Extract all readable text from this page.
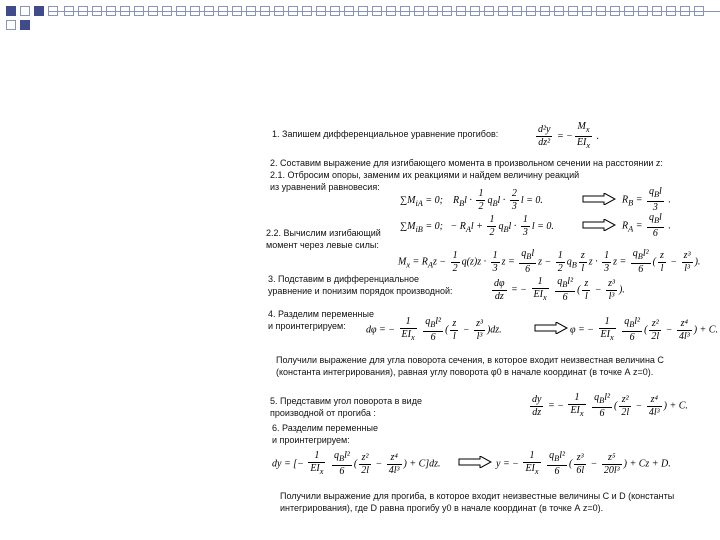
1. Запишем дифференциальное уравнение прогибов:	$\frac{\text{d²y}}{\text{dz²}}$ = − $\frac{M_x}{EI_x}$ .
2. Составим выражение для изгибающего момента в произвольном сечении на расстоянии z:
2.1. Отбросим опоры, заменим их реакциями и найдем величину реакций
из уравнений равновесия:
$\sum M_{iA} = 0$;    $R_Bl \cdot \frac{1}{2} q_Bl \cdot \frac{2}{3}$ l = 0.	$R_B = \frac{q_Bl}{3}$ .
$\sum M_{iB} = 0$;   − $R_Al + \frac{1}{2} q_Bl \cdot \frac{1}{3}$ l = 0.	$R_A = \frac{q_Bl}{6}$ .
2.2. Вычислим изгибающий
момент через левые силы:
$M_x = R_Az - \frac{1}{2} q(z)z \cdot \frac{1}{3}$ $z = \frac{q_Bl}{6}$ $z - \frac{1}{2} q_B \frac{z}{l}$ $z \cdot \frac{1}{3}$ $z = \frac{q_Bl^2}{6}$ ( $\frac{z}{l} - \frac{\text{z³}}{\text{l³}}$ ).
3. Подставим в дифференциальное
уравнение и понизим порядок производной:	$\frac{d\varphi}{dz}$ = − $\frac{1}{EI_x}$
$\frac{q_Bl^2}{6}$ ( $\frac{z}{l} - \frac{\text{z³}}{\text{l³}}$ ).
4. Разделим переменные
и проинтегрируем: dφ = − $\frac{1}{EI_x}$
$\frac{q_Bl^2}{6}$ ( $\frac{z}{l} - \frac{\text{z³}}{\text{l³}} )dz$.	φ = − $\frac{1}{EI_x}$
$\frac{q_Bl^2}{6}$ ( $\frac{\text{z²}}{2l} - \frac{\text{z⁴}}{\text{4l³}}$ ) + C.
Получили выражение для угла поворота сечения, в которое входит неизвестная величина С (константа интегрирования), равная углу поворота φ0 в начале координат (в точке А z=0).
5. Представим угол поворота в виде
производной от прогиба :	$\frac{dy}{dz}$ = − $\frac{1}{EI_x}$
$\frac{q_Bl^2}{6}$ ( $\frac{\text{z²}}{2l} - \frac{\text{z⁴}}{\text{4l³}}$ ) + C.
6. Разделим переменные
и проинтегрируем:
dy = [− $\frac{1}{EI_x}$
$\frac{q_Bl^2}{6}$ ( $\frac{\text{z²}}{2l} - \frac{\text{z⁴}}{\text{4l³}}$ ) + C]dz.	y = − $\frac{1}{EI_x}$
$\frac{q_Bl^2}{6}$ ( $\frac{\text{z³}}{6l} - \frac{\text{z⁵}}{\text{20l³}}$ ) + Cz + D.
Получили выражение для прогиба, в которое входит неизвестные величины С и D (константы интегрирования), где D равна прогибу y0 в начале координат (в точке А z=0).
